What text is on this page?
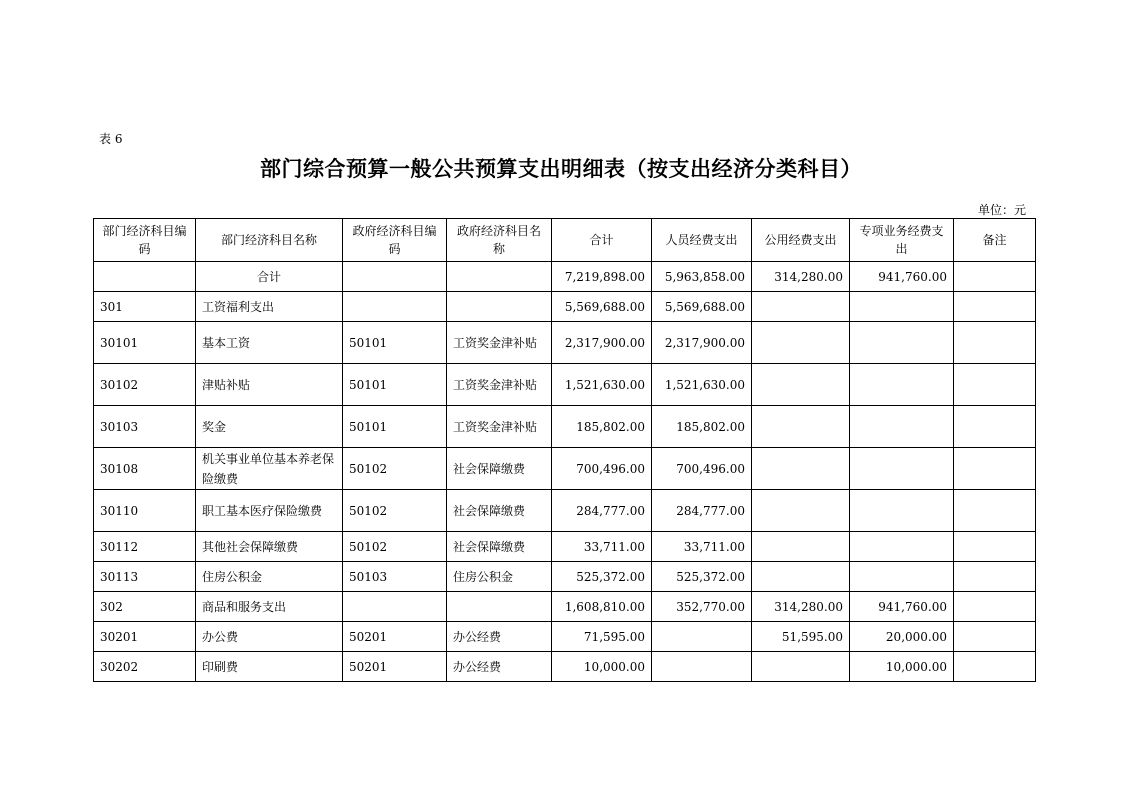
表 6
部门综合预算一般公共预算支出明细表（按支出经济分类科目）
单位：元
部门经济科目编码	部门经济科目名称	政府经济科目编码	政府经济科目名称	合计	人员经费支出	公用经费支出	专项业务经费支出	备注
	合计			7,219,898.00	5,963,858.00	314,280.00	941,760.00	
301	工资福利支出			5,569,688.00	5,569,688.00			
30101	基本工资	50101	工资奖金津补贴	2,317,900.00	2,317,900.00			
30102	津贴补贴	50101	工资奖金津补贴	1,521,630.00	1,521,630.00			
30103	奖金	50101	工资奖金津补贴	185,802.00	185,802.00			
30108	机关事业单位基本养老保险缴费	50102	社会保障缴费	700,496.00	700,496.00			
30110	职工基本医疗保险缴费	50102	社会保障缴费	284,777.00	284,777.00			
30112	其他社会保障缴费	50102	社会保障缴费	33,711.00	33,711.00			
30113	住房公积金	50103	住房公积金	525,372.00	525,372.00			
302	商品和服务支出			1,608,810.00	352,770.00	314,280.00	941,760.00	
30201	办公费	50201	办公经费	71,595.00		51,595.00	20,000.00	
30202	印刷费	50201	办公经费	10,000.00			10,000.00	
